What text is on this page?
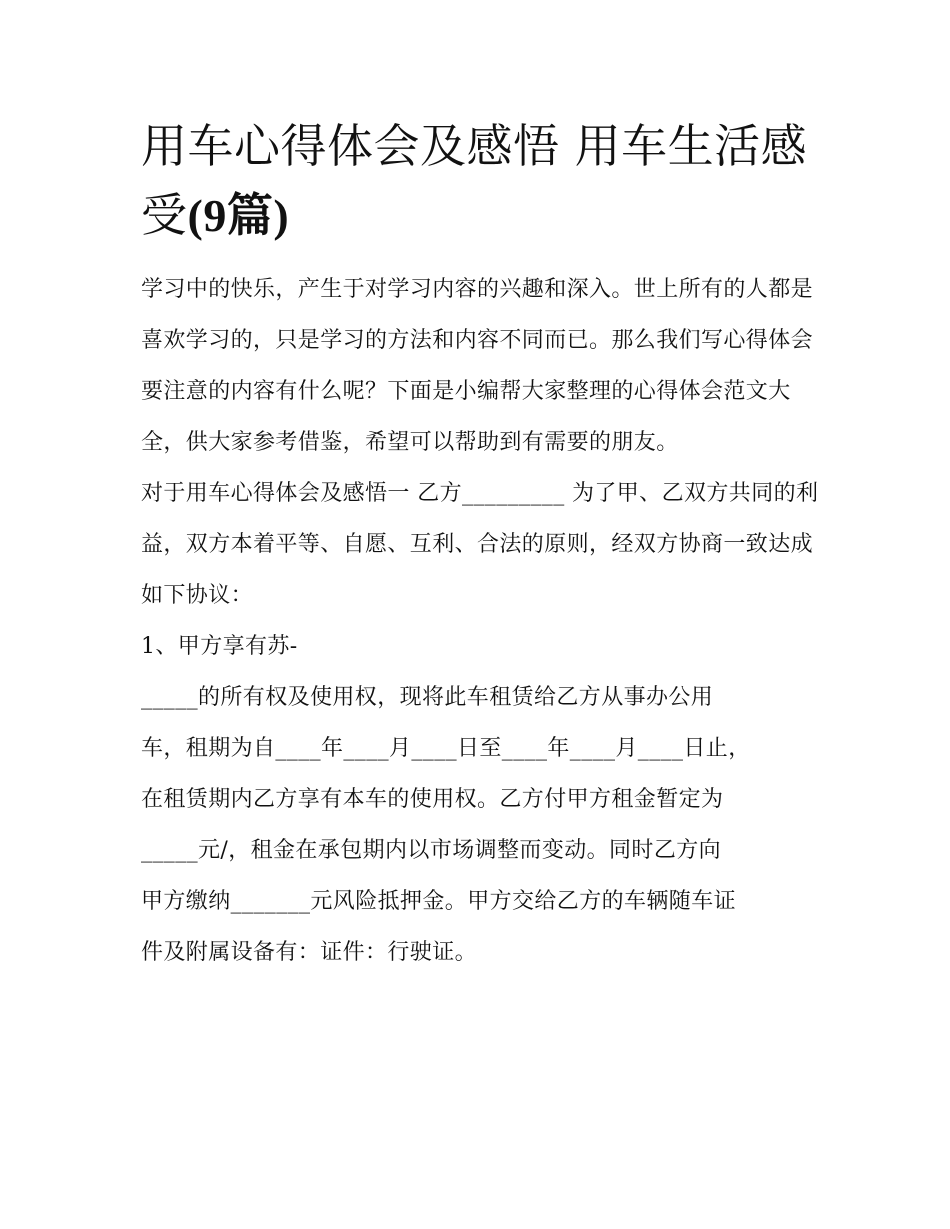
用车心得体会及感悟 用车生活感受(9篇)

学习中的快乐，产生于对学习内容的兴趣和深入。世上所有的人都是喜欢学习的，只是学习的方法和内容不同而已。那么我们写心得体会要注意的内容有什么呢？下面是小编帮大家整理的心得体会范文大全，供大家参考借鉴，希望可以帮助到有需要的朋友。

对于用车心得体会及感悟一 乙方_________ 为了甲、乙双方共同的利益，双方本着平等、自愿、互利、合法的原则，经双方协商一致达成如下协议：

1、甲方享有苏-

_____的所有权及使用权，现将此车租赁给乙方从事办公用

车，租期为自____年____月____日至____年____月____日止，

在租赁期内乙方享有本车的使用权。乙方付甲方租金暂定为

_____元/，租金在承包期内以市场调整而变动。同时乙方向

甲方缴纳_______元风险抵押金。甲方交给乙方的车辆随车证

件及附属设备有：证件：行驶证。
